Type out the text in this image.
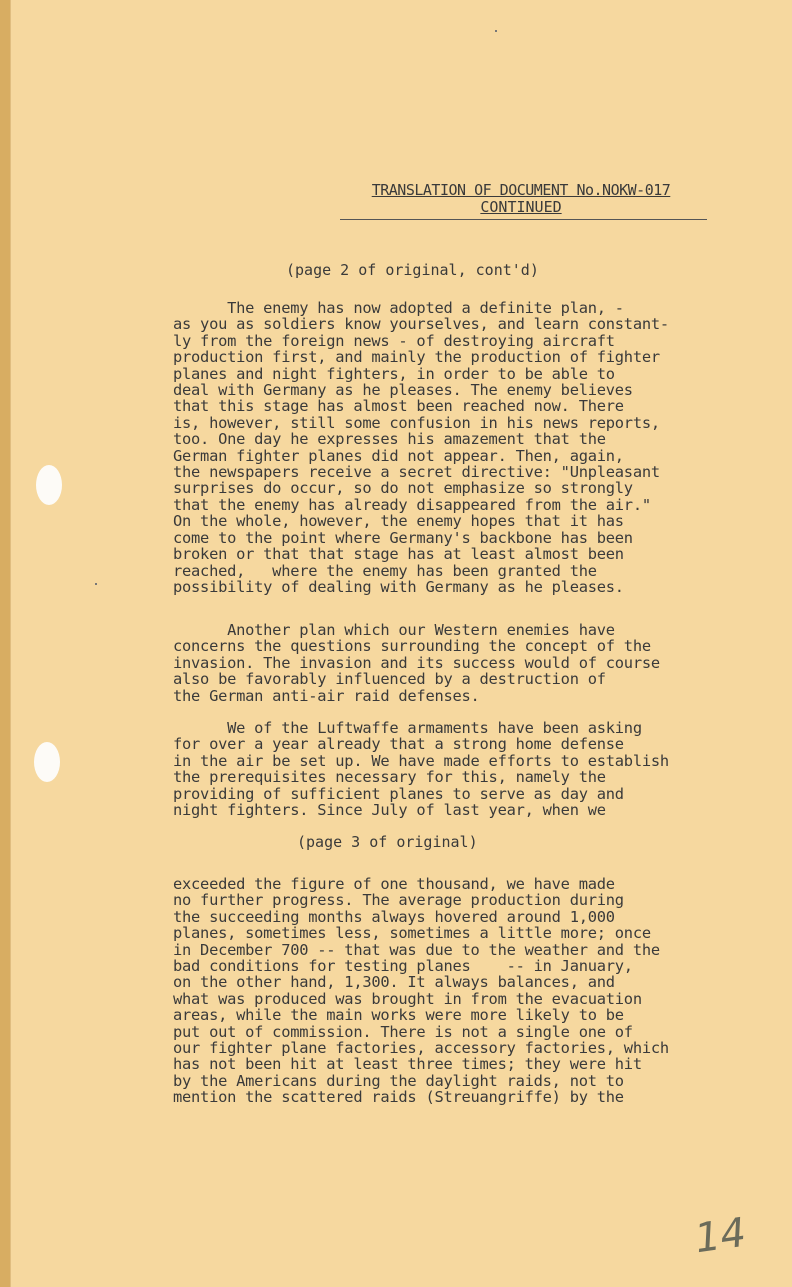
TRANSLATION OF DOCUMENT No.NOKW-017
CONTINUED
(page 2 of original, cont'd)
The enemy has now adopted a definite plan, -
as you as soldiers know yourselves, and learn constant-
ly from the foreign news - of destroying aircraft
production first, and mainly the production of fighter
planes and night fighters, in order to be able to
deal with Germany as he pleases. The enemy believes
that this stage has almost been reached now. There
is, however, still some confusion in his news reports,
too. One day he expresses his amazement that the
German fighter planes did not appear. Then, again,
the newspapers receive a secret directive: "Unpleasant
surprises do occur, so do not emphasize so strongly
that the enemy has already disappeared from the air."
On the whole, however, the enemy hopes that it has
come to the point where Germany's backbone has been
broken or that that stage has at least almost been
reached,   where the enemy has been granted the
possibility of dealing with Germany as he pleases.
Another plan which our Western enemies have
concerns the questions surrounding the concept of the
invasion. The invasion and its success would of course
also be favorably influenced by a destruction of
the German anti-air raid defenses.
We of the Luftwaffe armaments have been asking
for over a year already that a strong home defense
in the air be set up. We have made efforts to establish
the prerequisites necessary for this, namely the
providing of sufficient planes to serve as day and
night fighters. Since July of last year, when we
(page 3 of original)
exceeded the figure of one thousand, we have made
no further progress. The average production during
the succeeding months always hovered around 1,000
planes, sometimes less, sometimes a little more; once
in December 700 -- that was due to the weather and the
bad conditions for testing planes    -- in January,
on the other hand, 1,300. It always balances, and
what was produced was brought in from the evacuation
areas, while the main works were more likely to be
put out of commission. There is not a single one of
our fighter plane factories, accessory factories, which
has not been hit at least three times; they were hit
by the Americans during the daylight raids, not to
mention the scattered raids (Streuangriffe) by the
14
